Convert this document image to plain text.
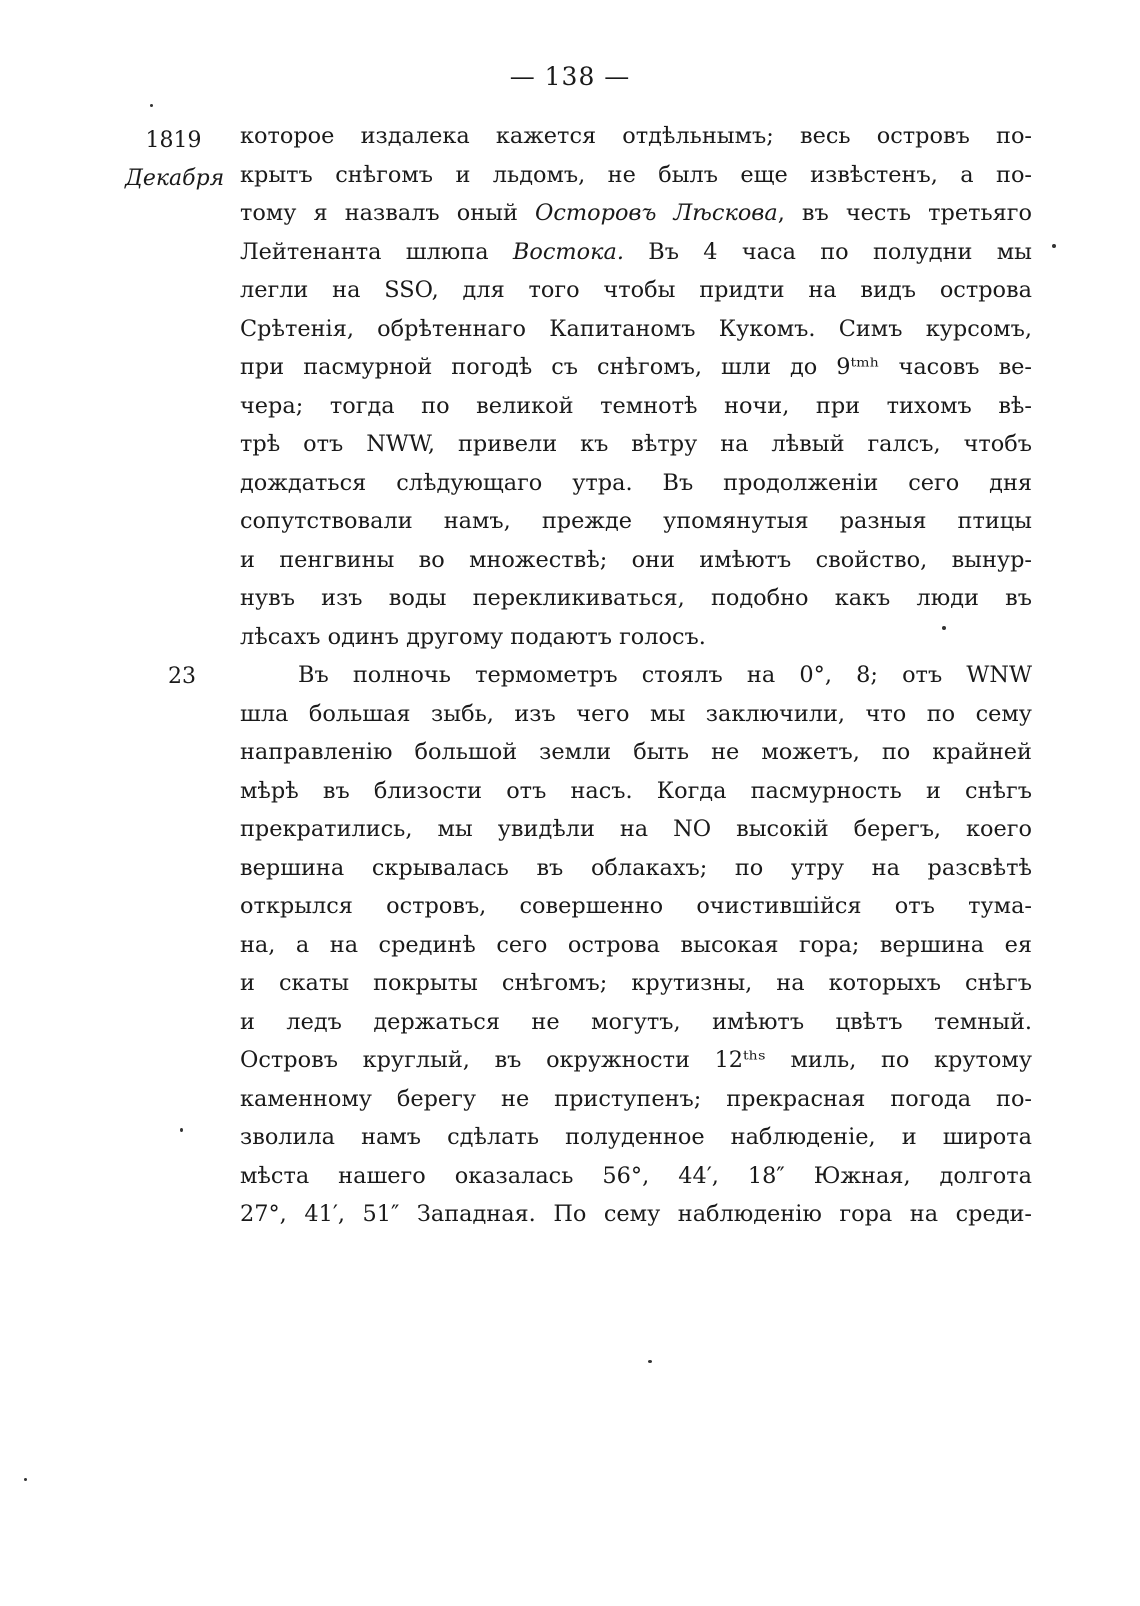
— 138 —
1819
Декабря
23
которое издалека кажется отдѣльнымъ; весь островъ по-
крытъ снѣгомъ и льдомъ, не былъ еще извѣстенъ, а по-
тому я назвалъ оный Осторовъ Лѣскова, въ честь третьяго
Лейтенанта шлюпа Востока. Въ 4 часа по полудни мы
легли на SSO, для того чтобы придти на видъ острова
Срѣтенія, обрѣтеннаго Капитаномъ Кукомъ. Симъ курсомъ,
при пасмурной погодѣ съ снѣгомъ, шли до 9ᵗᵐʰ часовъ ве-
чера; тогда по великой темнотѣ ночи, при тихомъ вѣ-
трѣ отъ NWW, привели къ вѣтру на лѣвый галсъ, чтобъ
дождаться слѣдующаго утра. Въ продолженіи сего дня
сопутствовали намъ, прежде упомянутыя разныя птицы
и пенгвины во множествѣ; они имѣютъ свойство, вынур-
нувъ изъ воды перекликиваться, подобно какъ люди въ
лѣсахъ одинъ другому подаютъ голосъ.
Въ полночь термометръ стоялъ на 0°, 8; отъ WNW
шла большая зыбь, изъ чего мы заключили, что по сему
направленію большой земли быть не можетъ, по крайней
мѣрѣ въ близости отъ насъ. Когда пасмурность и снѣгъ
прекратились, мы увидѣли на NO высокій берегъ, коего
вершина скрывалась въ облакахъ; по утру на разсвѣтѣ
открылся островъ, совершенно очистившійся отъ тума-
на, а на срединѣ сего острова высокая гора; вершина ея
и скаты покрыты снѣгомъ; крутизны, на которыхъ снѣгъ
и ледъ держаться не могутъ, имѣютъ цвѣтъ темный.
Островъ круглый, въ окружности 12ᵗʰˢ миль, по крутому
каменному берегу не приступенъ; прекрасная погода по-
зволила намъ сдѣлать полуденное наблюденіе, и широта
мѣста нашего оказалась 56°, 44′, 18″ Южная, долгота
27°, 41′, 51″ Западная. По сему наблюденію гора на среди-
